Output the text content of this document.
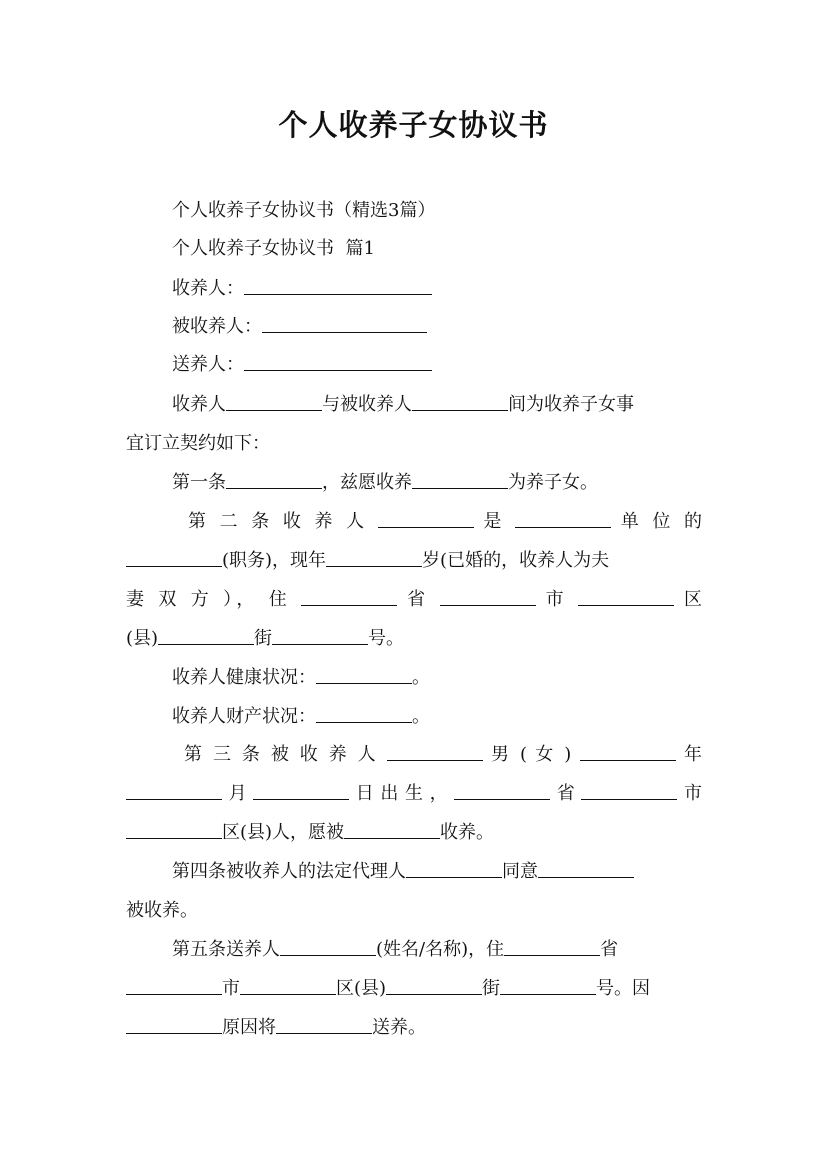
个人收养子女协议书
个人收养子女协议书（精选3篇）
个人收养子女协议书  篇1
收养人：
被收养人：
送养人：
收养人	与被收养人	间为收养子女事
宜订立契约如下：
第一条	，兹愿收养	为养子女。
第 二 条 收 养 人	是	单 位 的
(职务)，现年	岁(已婚的，收养人为夫
妻 双 方 ）， 住	省	市	区
(县)	街	号。
收养人健康状况：	。
收养人财产状况：	。
第 三 条 被 收 养 人	男 ( 女 )	年
月	日出生，	省	市
区(县)人，愿被	收养。
第四条被收养人的法定代理人	同意
被收养。
第五条送养人	(姓名/名称)，住	省
市	区(县)	街	号。因
原因将	送养。
